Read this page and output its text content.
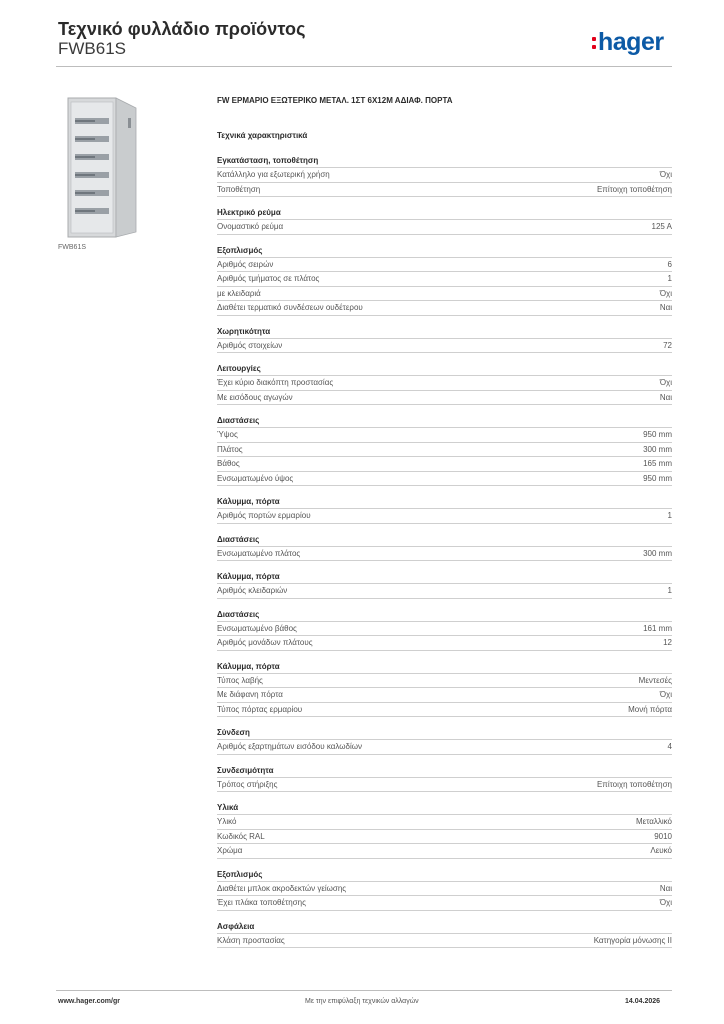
Τεχνικό φυλλάδιο προϊόντος
FWB61S	hager
FWB61S
FW ΕΡΜΑΡΙΟ ΕΞΩΤΕΡΙΚΟ ΜΕΤΑΛ. 1ΣΤ 6Χ12Μ ΑΔΙΑΦ. ΠΟΡΤΑ
Τεχνικά χαρακτηριστικά
Εγκατάσταση, τοποθέτηση
Κατάλληλο για εξωτερική χρήση	Όχι
Τοποθέτηση	Επίτοιχη τοποθέτηση
Ηλεκτρικό ρεύμα
Ονομαστικό ρεύμα	125 A
Εξοπλισμός
Αριθμός σειρών	6
Αριθμός τμήματος σε πλάτος	1
με κλειδαριά	Όχι
Διαθέτει τερματικό συνδέσεων ουδέτερου	Ναι
Χωρητικότητα
Αριθμός στοιχείων	72
Λειτουργίες
Έχει κύριο διακόπτη προστασίας	Όχι
Με εισόδους αγωγών	Ναι
Διαστάσεις
Ύψος	950 mm
Πλάτος	300 mm
Βάθος	165 mm
Ενσωματωμένο ύψος	950 mm
Κάλυμμα, πόρτα
Αριθμός πορτών ερμαρίου	1
Διαστάσεις
Ενσωματωμένο πλάτος	300 mm
Κάλυμμα, πόρτα
Αριθμός κλειδαριών	1
Διαστάσεις
Ενσωματωμένο βάθος	161 mm
Αριθμός μονάδων πλάτους	12
Κάλυμμα, πόρτα
Τύπος λαβής	Μεντεσές
Με διάφανη πόρτα	Όχι
Τύπος πόρτας ερμαρίου	Μονή πόρτα
Σύνδεση
Αριθμός εξαρτημάτων εισόδου καλωδίων	4
Συνδεσιμότητα
Τρόπος στήριξης	Επίτοιχη τοποθέτηση
Υλικά
Υλικό	Μεταλλικό
Κωδικός RAL	9010
Χρώμα	Λευκό
Εξοπλισμός
Διαθέτει μπλοκ ακροδεκτών γείωσης	Ναι
Έχει πλάκα τοποθέτησης	Όχι
Ασφάλεια
Κλάση προστασίας	Κατηγορία μόνωσης II
www.hager.com/gr	Με την επιφύλαξη τεχνικών αλλαγών	14.04.2026
